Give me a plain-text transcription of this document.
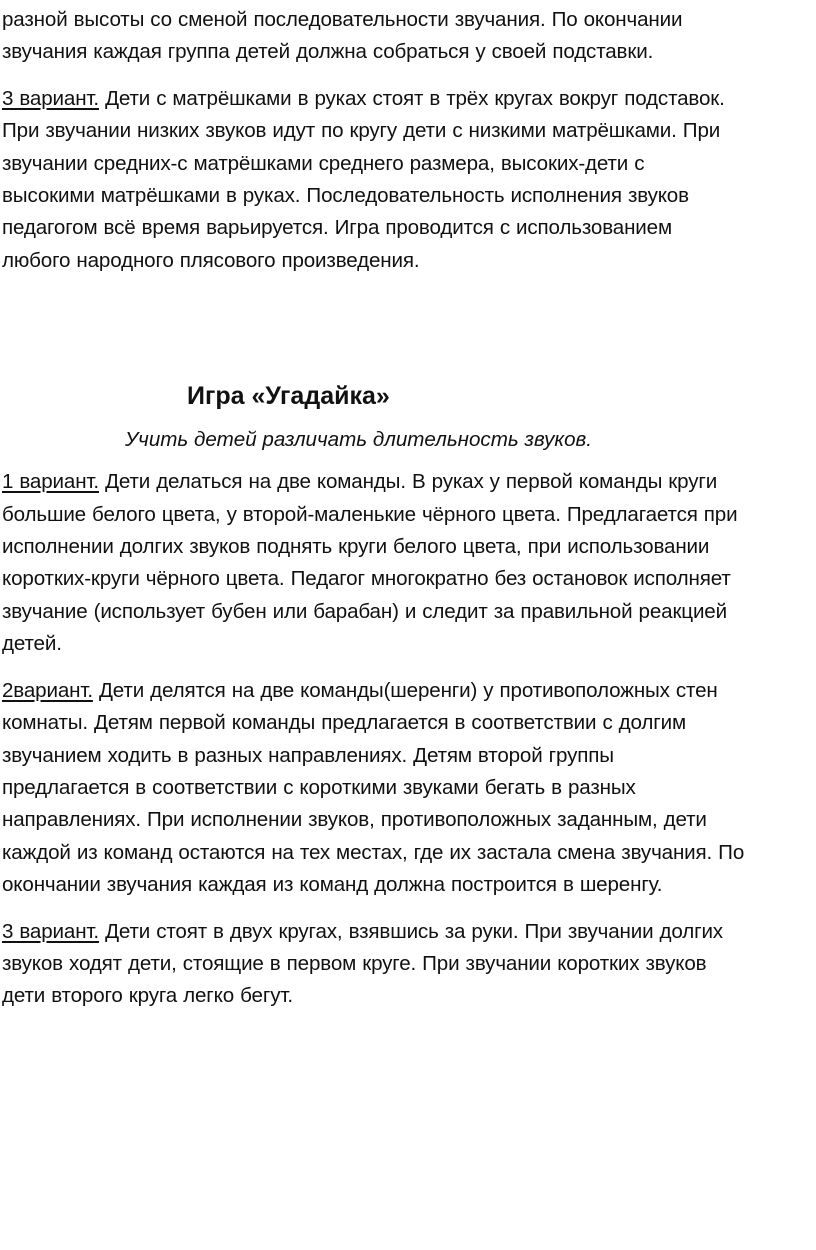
разной высоты со сменой последовательности звучания. По окончании

звучания каждая группа детей должна собраться у своей подставки.

3 вариант. Дети с матрёшками в руках стоят в трёх кругах вокруг подставок.

При звучании низких звуков идут по кругу дети с низкими матрёшками. При

звучании средних-с матрёшками среднего размера, высоких-дети с

высокими матрёшками в руках. Последовательность исполнения звуков

педагогом всё время варьируется. Игра проводится с использованием

любого народного плясового произведения.

Игра «Угадайка»
Учить детей различать длительность звуков.

1 вариант. Дети делаться на две команды. В руках у первой команды круги

большие белого цвета, у второй-маленькие чёрного цвета. Предлагается при

исполнении долгих звуков поднять круги белого цвета, при использовании

коротких-круги чёрного цвета. Педагог многократно без остановок исполняет

звучание (использует бубен или барабан) и следит за правильной реакцией

детей.

2вариант. Дети делятся на две команды(шеренги) у противоположных стен

комнаты. Детям первой команды предлагается в соответствии с долгим

звучанием ходить в разных направлениях. Детям второй группы

предлагается в соответствии с короткими звуками бегать в разных

направлениях. При исполнении звуков, противоположных заданным, дети

каждой из команд остаются на тех местах, где их застала смена звучания. По

окончании звучания каждая из команд должна построится в шеренгу.

3 вариант. Дети стоят в двух кругах, взявшись за руки. При звучании долгих

звуков ходят дети, стоящие в первом круге. При звучании коротких звуков

дети второго круга легко бегут.
